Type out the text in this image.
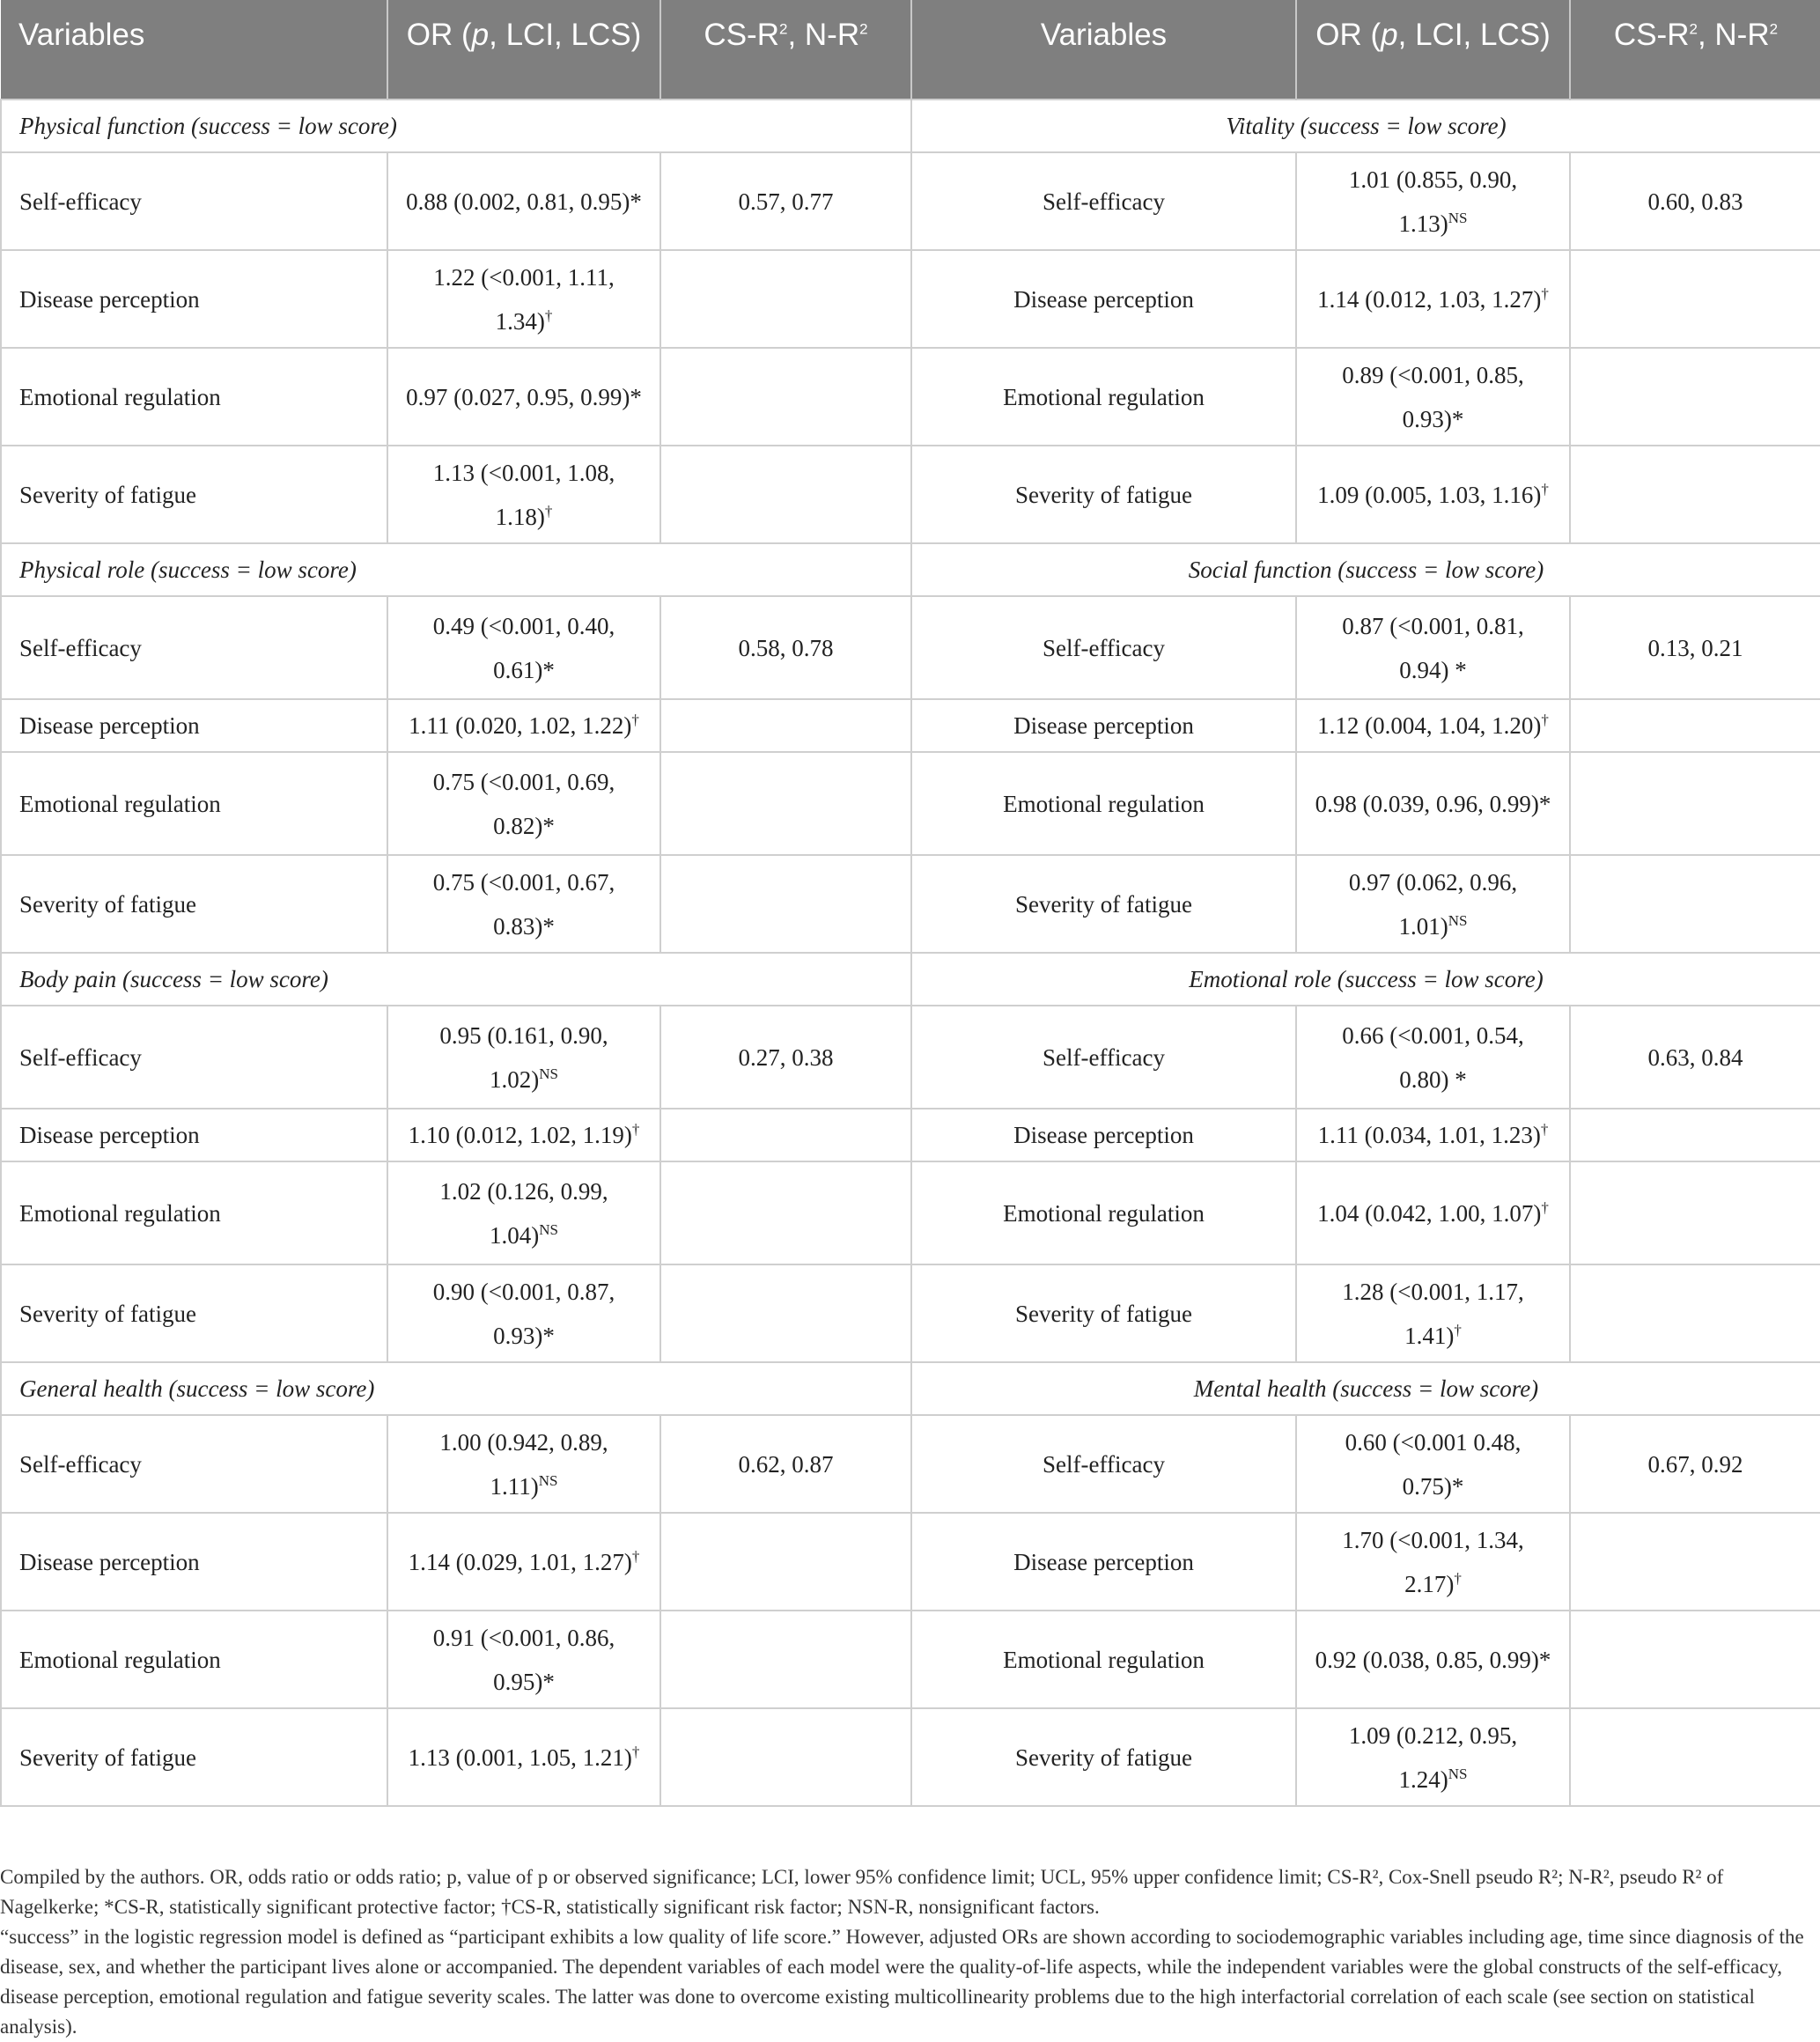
Variables	OR (p, LCI, LCS)	$CS-R^2$, $N-R^2$	Variables	OR (p, LCI, LCS)	$CS-R^2$, $N-R^2$
Physical function (success = low score)			Vitality (success = low score)		
Self-efficacy	0.88 (0.002, 0.81, 0.95)*	0.57, 0.77	Self-efficacy	1.01 (0.855, 0.90, 1.13)$^{NS}$	0.60, 0.83
Disease perception	1.22 (<0.001, 1.11, 1.34)†		Disease perception	1.14 (0.012, 1.03, 1.27)†	
Emotional regulation	0.97 (0.027, 0.95, 0.99)*		Emotional regulation	0.89 (<0.001, 0.85, 0.93)*	
Severity of fatigue	1.13 (<0.001, 1.08, 1.18)†		Severity of fatigue	1.09 (0.005, 1.03, 1.16)†	
Physical role (success = low score)			Social function (success = low score)		
Self-efficacy	0.49 (<0.001, 0.40, 0.61)*	0.58, 0.78	Self-efficacy	0.87 (<0.001, 0.81, 0.94) *	0.13, 0.21
Disease perception	1.11 (0.020, 1.02, 1.22)†		Disease perception	1.12 (0.004, 1.04, 1.20)†	
Emotional regulation	0.75 (<0.001, 0.69, 0.82)*		Emotional regulation	0.98 (0.039, 0.96, 0.99)*	
Severity of fatigue	0.75 (<0.001, 0.67, 0.83)*		Severity of fatigue	0.97 (0.062, 0.96, 1.01)$^{NS}$	
Body pain (success = low score)			Emotional role (success = low score)		
Self-efficacy	0.95 (0.161, 0.90, 1.02)$^{NS}$	0.27, 0.38	Self-efficacy	0.66 (<0.001, 0.54, 0.80) *	0.63, 0.84
Disease perception	1.10 (0.012, 1.02, 1.19)†		Disease perception	1.11 (0.034, 1.01, 1.23)†	
Emotional regulation	1.02 (0.126, 0.99, 1.04)$^{NS}$		Emotional regulation	1.04 (0.042, 1.00, 1.07)†	
Severity of fatigue	0.90 (<0.001, 0.87, 0.93)*		Severity of fatigue	1.28 (<0.001, 1.17, 1.41)†	
General health (success = low score)			Mental health (success = low score)		
Self-efficacy	1.00 (0.942, 0.89, 1.11)$^{NS}$	0.62, 0.87	Self-efficacy	0.60 (<0.001 0.48, 0.75)*	0.67, 0.92
Disease perception	1.14 (0.029, 1.01, 1.27)†		Disease perception	1.70 (<0.001, 1.34, 2.17)†	
Emotional regulation	0.91 (<0.001, 0.86, 0.95)*		Emotional regulation	0.92 (0.038, 0.85, 0.99)*	
Severity of fatigue	1.13 (0.001, 1.05, 1.21)†		Severity of fatigue	1.09 (0.212, 0.95, 1.24)$^{NS}$	

Compiled by the authors. OR, odds ratio or odds ratio; p, value of p or observed significance; LCI, lower 95% confidence limit; UCL, 95% upper confidence limit; CS-R², Cox-Snell pseudo R²; N-R², pseudo R² of Nagelkerke; *CS-R, statistically significant protective factor; †CS-R, statistically significant risk factor; NSN-R, nonsignificant factors.

“success” in the logistic regression model is defined as “participant exhibits a low quality of life score.” However, adjusted ORs are shown according to sociodemographic variables including age, time since diagnosis of the disease, sex, and whether the participant lives alone or accompanied. The dependent variables of each model were the quality-of-life aspects, while the independent variables were the global constructs of the self-efficacy, disease perception, emotional regulation and fatigue severity scales. The latter was done to overcome existing multicollinearity problems due to the high interfactorial correlation of each scale (see section on statistical analysis).
